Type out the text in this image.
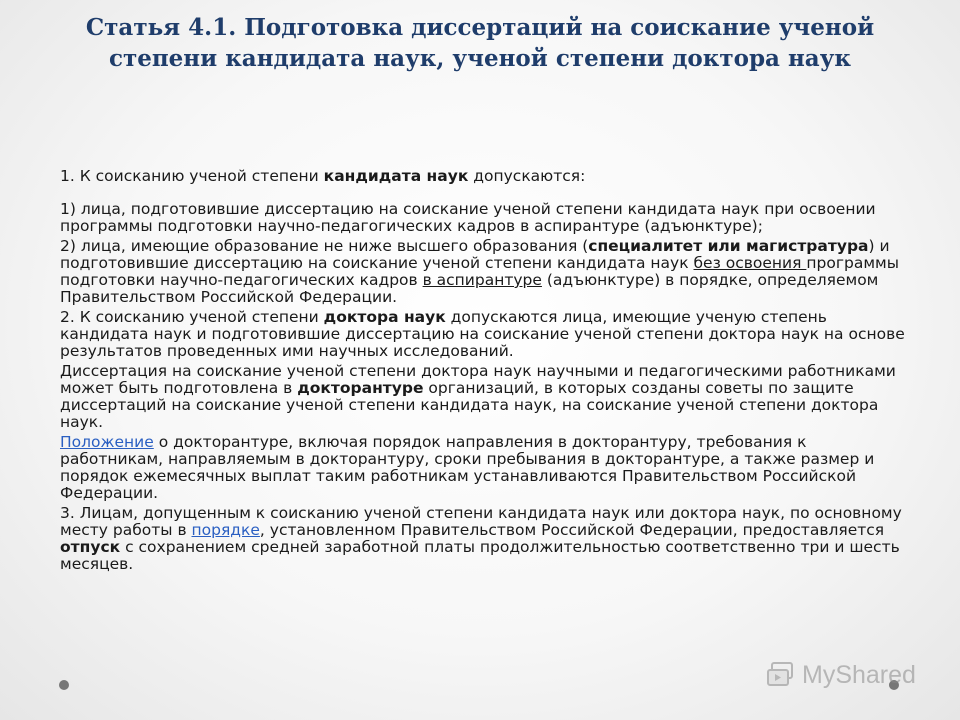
Статья 4.1. Подготовка диссертаций на соискание ученой
степени кандидата наук, ученой степени доктора наук

1. К соисканию ученой степени кандидата наук допускаются:

1) лица, подготовившие диссертацию на соискание ученой степени кандидата наук при освоении программы подготовки научно-педагогических кадров в аспирантуре (адъюнктуре);

2) лица, имеющие образование не ниже высшего образования (специалитет или магистратура) и подготовившие диссертацию на соискание ученой степени кандидата наук без освоения программы подготовки научно-педагогических кадров в аспирантуре (адъюнктуре) в порядке, определяемом Правительством Российской Федерации.

2. К соисканию ученой степени доктора наук допускаются лица, имеющие ученую степень кандидата наук и подготовившие диссертацию на соискание ученой степени доктора наук на основе результатов проведенных ими научных исследований.

Диссертация на соискание ученой степени доктора наук научными и педагогическими работниками может быть подготовлена в докторантуре организаций, в которых созданы советы по защите диссертаций на соискание ученой степени кандидата наук, на соискание ученой степени доктора наук.

Положение о докторантуре, включая порядок направления в докторантуру, требования к работникам, направляемым в докторантуру, сроки пребывания в докторантуре, а также размер и порядок ежемесячных выплат таким работникам устанавливаются Правительством Российской Федерации.

3. Лицам, допущенным к соисканию ученой степени кандидата наук или доктора наук, по основному месту работы в порядке, установленном Правительством Российской Федерации, предоставляется отпуск с сохранением средней заработной платы продолжительностью соответственно три и шесть месяцев.

MyShared
